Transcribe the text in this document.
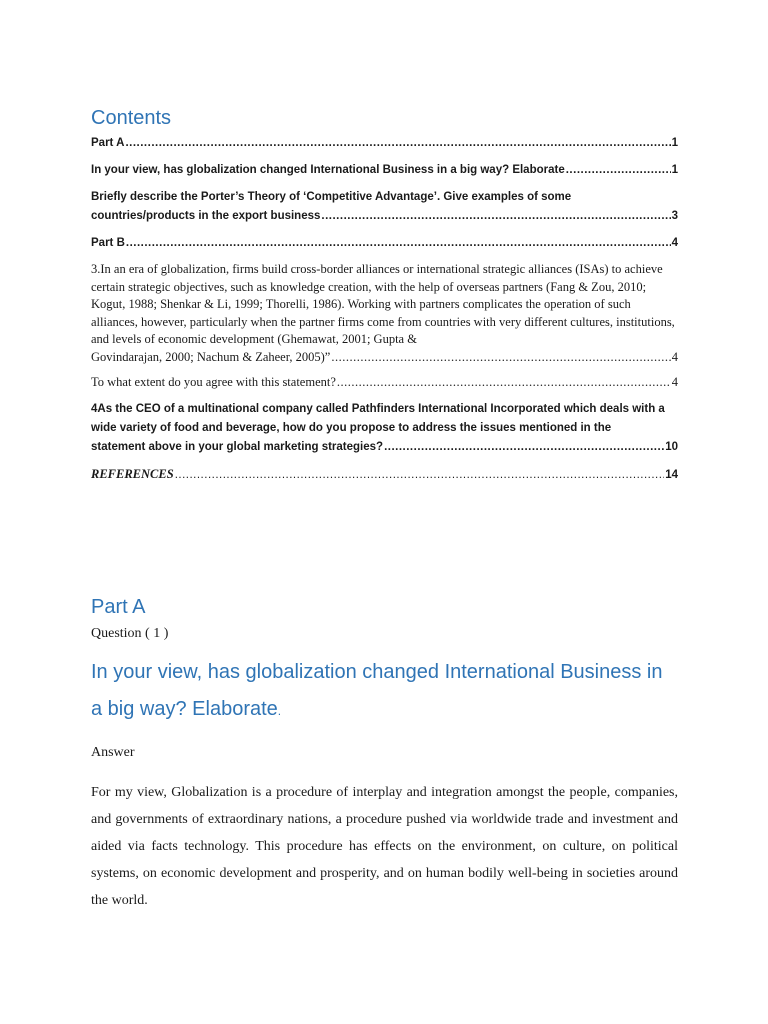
Contents
Part A .....	1
In your view, has globalization changed International Business in a big way? Elaborate .....	1
Briefly describe the Porter’s Theory of ‘Competitive Advantage’. Give examples of some
countries/products in the export business .....	3
Part B .....	4
3.In an era of globalization, firms build cross-border alliances or international strategic alliances (ISAs) to achieve certain strategic objectives, such as knowledge creation, with the help of overseas partners (Fang & Zou, 2010; Kogut, 1988; Shenkar & Li, 1999; Thorelli, 1986). Working with partners complicates the operation of such alliances, however, particularly when the partner firms come from countries with very different cultures, institutions, and levels of economic development (Ghemawat, 2001; Gupta &
Govindarajan, 2000; Nachum & Zaheer, 2005)” .....	4
To what extent do you agree with this statement? .....	4
4As the CEO of a multinational company called Pathfinders International Incorporated which deals with a wide variety of food and beverage, how do you propose to address the issues mentioned in the
statement above in your global marketing strategies? .....	10
REFERENCES .....	14
Part A
Question ( 1 )
In your view, has globalization changed International Business in a big way? Elaborate.
Answer

For my view, Globalization is a procedure of interplay and integration amongst the people, companies, and governments of extraordinary nations, a procedure pushed via worldwide trade and investment and aided via facts technology. This procedure has effects on the environment, on culture, on political systems, on economic development and prosperity, and on human bodily well-being in societies around the world.
